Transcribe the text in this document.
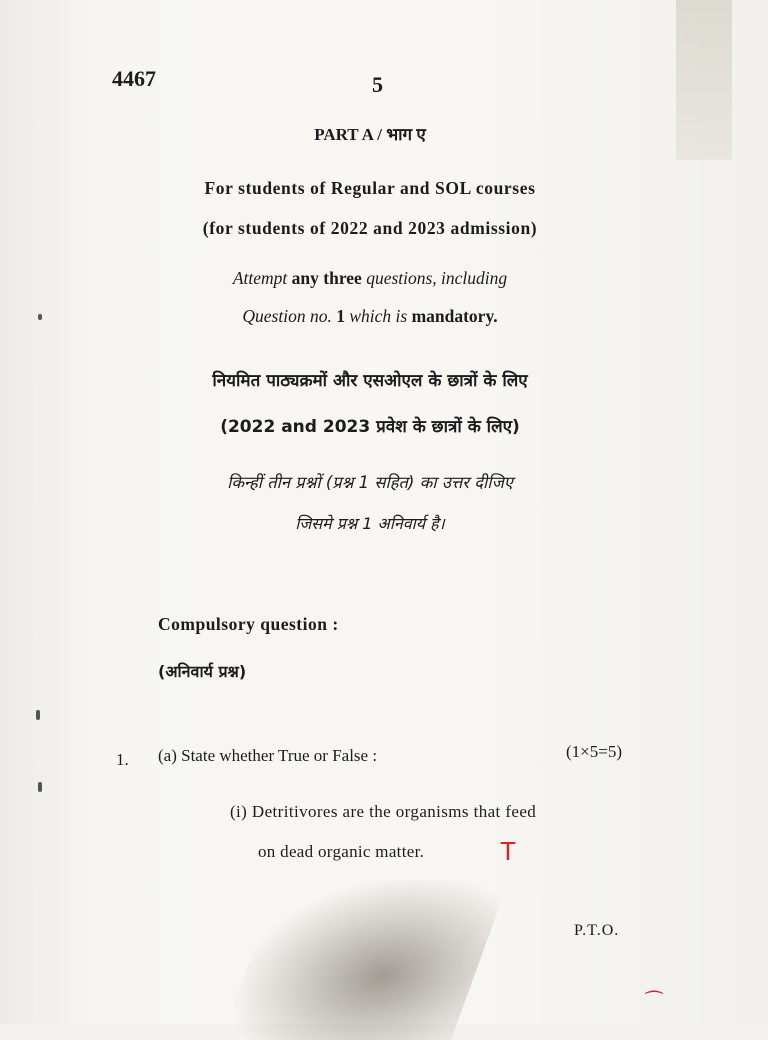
4467	5
PART A / भाग ए
For students of Regular and SOL courses
(for students of 2022 and 2023 admission)
Attempt any three questions, including
Question no. 1 which is mandatory.
नियमित पाठ्यक्रमों और एसओएल के छात्रों के लिए
(2022 and 2023 प्रवेश के छात्रों के लिए)
किन्हीं तीन प्रश्नों (प्रश्न 1 सहित) का उत्तर दीजिए
जिसमे प्रश्न 1 अनिवार्य है।
Compulsory question :
(अनिवार्य प्रश्न)
1. (a) State whether True or False :	(1×5=5)
(i) Detritivores are the organisms that feed
on dead organic matter.	T
P.T.O.
⁀
